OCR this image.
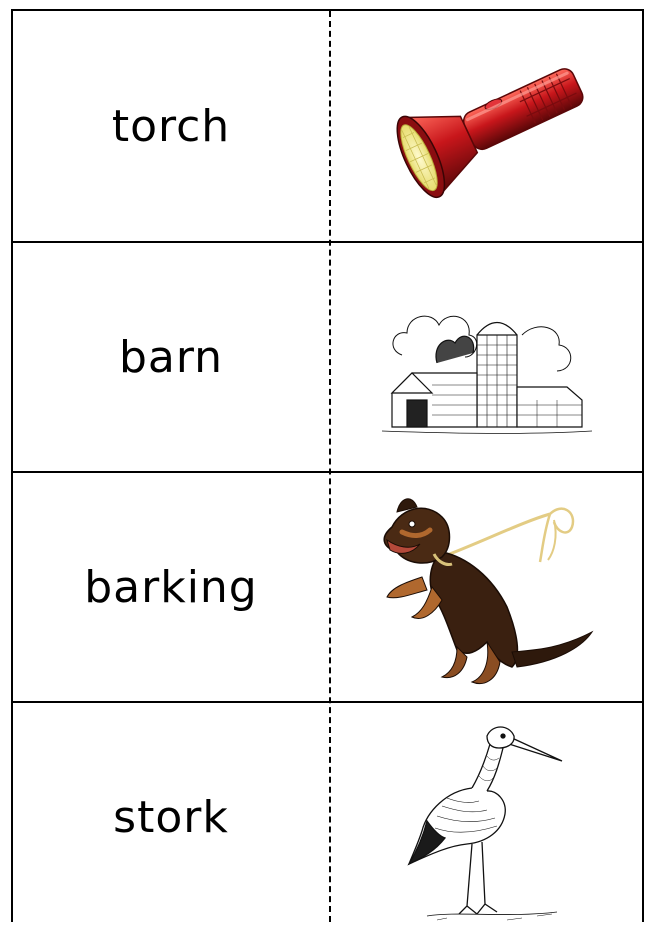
torch
barn
barking
stork
